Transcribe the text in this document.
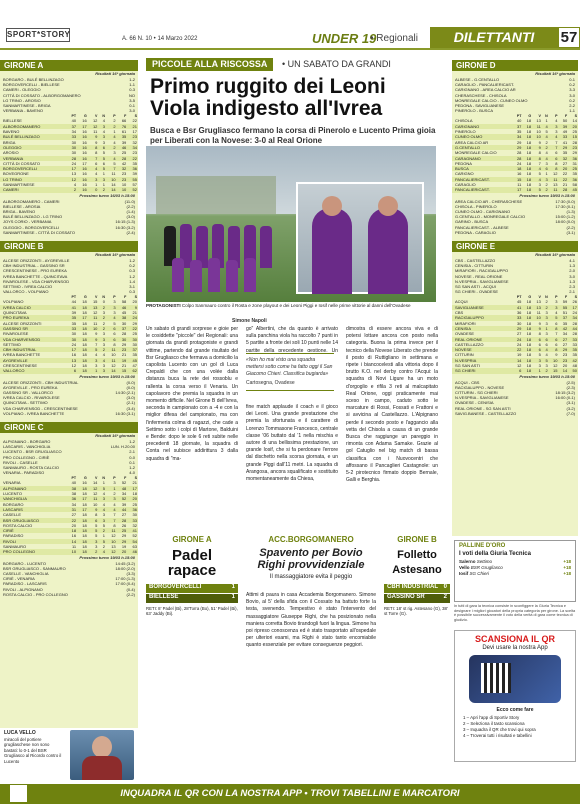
SPORT*STORY	A. 66 N. 10 • 14 Marzo 2022	UNDER 19
• Regionali	DILETTANTI	57
GIRONE A
Risultati 16ª giornata
BORGARO - BULÉ BELLINZAGO	1-2
BORGOVERCELLI - BIELLESE	1-1
CAMERI - OLEGGIO	0-3
CITTÀ DI COSSATO - ALBORGOMANERO	NO
LG TRINO - AROSIO	3-5
SANMARTINESE - BRIGA	0-1
VERBANIA - BAVENO	3-0
	PT	G	V	N	P	F	S
BIELLESE	40	16	12	4	2	66	22
ALBORGOMANERO	37	17	12	3	2	76	21
BAVENO	34	16	11	4	1	61	17
BULÉ BELLINZAGO	33	16	9	3	4	35	23
BRIGA	30	16	9	3	4	39	32
OLEGGIO	30	16	8	6	2	46	34
AROSIO	30	16	8	5	3	25	23
VERBANIA	28	16	7	5	4	28	22
CITTÀ DI COSSATO	24	17	6	6	5	42	35
BORGOVERCELLI	17	16	4	5	7	32	36
BOVEGRONE	13	16	4	1	11	23	39
LG TRINO	12	16	3	3	10	23	55
SANMARTINESE	4	16	1	1	14	10	57
CAMERI	2	16	0	2	14	10	52
Prossimo turno 16/03 h.15:00
ALBORGOMANERO - CAMERI	(11-0)
BIELLESE - AROSIA	(2-2)
BRIGA - BAVENO	(1-4)
BULÉ BELLINZAGO - LG TRINO	(3-0)
JOYS CORIO - VERBANIA	16:15 (1-3)
OLEGGIO - BORGOVERCELLI	16:30 (3-2)
SANMARTINESE - CITTÀ DI COSSATO	(2-4)
GIRONE B
Risultati 16ª giornata
ALCESE ORIZZONTI - AYGREVILLE	1-2
CBH INDUSTRIAL - GASSINO SR	0-2
CRESCENTINESE - PRO EUREKA	0-3
IVREA BANCHETTE - QUINCITAVA	1-2
RIVAROLESE - VDA CHARVENSOD	1-4
SETTIMO - IVREA CALCIO	3-1
VALLORCO - VOLPIANO	0-3
	PT	G	V	N	P	F	S
VOLPIANO	44	18	15	0	3	58	20
IVREA CALCIO	41	18	13	2	3	46	9
QUINCITAVA	39	18	12	3	3	45	21
PRO EUREKA	35	17	11	2	4	38	24
ALCESE ORIZZONTI	35	18	11	2	5	30	29
GASSINO SR	33	18	10	2	6	37	22
RIVAROLESE	30	18	9	3	6	28	25
VDA CHARVENSOD	30	18	9	3	6	30	30
SETTIMO	24	18	7	3	8	29	30
CBH INDUSTRIAL	17	18	5	2	11	23	37
IVREA BANCHETTE	16	18	4	4	10	21	35
AYGREVILLE	13	18	3	4	11	19	45
CRESCENTINESE	12	18	3	3	12	21	47
VALLORCO	6	18	1	3	14	15	62
Prossimo turno 19/03 h.15:00
ALCESE ORIZZONTI - CBH INDUSTRIAL	(0-0)
AYGREVILLE - PRO EUREKA	(0-0)
GASSINO SR - VALLORCO	14:30 (2-1)
IVREA CALCIO - RIVAROLESE	(3-0)
QUINCITAVA - SETTIMO	(2-1)
VDA CHARVENSOD - CRESCENTINESE	(3-4)
VOLPIANO - IVREA BANCHETTE	16:30 (3-1)
GIRONE C
Risultati 16ª giornata
ALPIGNANO - BORGARO	1-2
LASCARIS - VANCHIGLIA	LUN. H.20.00
LUCENTO - BSR GRUGLIASCO	2-1
PRO COLLEGNO - CIRIÈ	0-0
RIVOLI - CASELLE	0-1
SANMAURO - ROSTA CALCIO	1-2
VENARIA - PARADISO	4-0
	PT	G	V	N	P	F	S
VENARIA	40	16	14	1	3	52	21
ALPIGNANO	38	18	12	5	1	48	17
LUCENTO	38	18	12	4	2	34	18
VANCHIGLIA	36	17	11	3	3	52	20
BORGARO	34	18	10	4	4	39	25
LASCARIS	31	17	9	4	4	44	36
CASELLE	27	18	8	3	7	27	30
BSR GRUGLIASCO	22	18	6	3	7	28	33
ROSTA CALCIO	20	18	5	5	8	26	32
CIRIÈ	18	18	5	2	11	25	41
PARADISO	16	18	5	1	12	29	52
RIVOLI	14	18	3	5	10	29	54
SANMAURO	11	18	3	2	13	19	63
PRO COLLEGNO	10	18	2	4	12	20	46
Prossimo turno 19/03 h.15:00
BORGARO - LUCENTO	14:45 (3-2)
BSR GRUGLIASCO - SANMAURO	18:00 (2-0)
CASELLE - VANCHIGLIA	(3-3)
CIRIÈ - VENARIA	17:00 (1-3)
PARADISO - LASCARIS	17:00 (0-4)
RIVOLI - ALPIGNANO	(0-4)
ROSTA CALCIO - PRO COLLEGNO	(2-2)
LUCA VELLO
miracoli del portiere grugliaschese non sono bastati: lo 0-1 del BSR Grugliasco al Ricordo contro il Lucento
PICCOLE ALLA RISCOSSA	• UN SABATO DA GRANDI
Primo ruggito dei Leoni Viola indigesto all'Ivrea
Busca e Bsr Grugliasco fermano la corsa di Pinerolo e Lucento Prima gioia per Liberati con la Novese: 3-0 al Real Orione
PROTAGONISTI Colpo Sanmauro contro il Rosta e zone playout e dei Leoni Piggi e Iosif nelle prime vittorie al danni dell'Ovadese
Simone Napoli
Un sabato di grandi sorprese e gioie per le cosiddette "piccole" dei Regionali: una giornata da grandi protagoniste e grandi vittime, partendo dal grande risultato del Bsr Grugliasco che fermava a domicilio la capolista Lucento con un gol di Luca Crepaldi che con una volée dalla distanza buca la rete dei rossoblu e rallenta la corsa verso il Venaria. Un capolavoro che premia la squadra in un momento difficile. Nel Girone B dell'Ivrea, seconda in campionato con a -4 e con la miglior difesa del campionato, ma con l'infermeria colma di ragazzi, che cade a Settimo sotto i colpi di Martone, Balduini e Bende: dopo le sole 6 reti subite nelle precedenti 18 giornate, la squadra di Conta nel subisce addirittura 3 dalla squadra di "ma-
go" Albertini, che da quanto è arrivato sulla panchina viola ha raccolto 7 punti in 5 partite a fronte dei soli 10 punti nelle 14 partite della precedente gestione. Un
«Non ho mai visto una squadra mettersi sotto come ha fatto oggi il San Giacomo Chieri. Classifica bugiarda»
Cartosegna, Ovadese
fine match applaude il coach e il gioco dei Leoni. Una grande prestazione che premia la sfortunata e il carattere di Lorenzo Tommasone Francesco, centrale classe '06 buttato dal '1 nella mischia e autore di una bellissima prestazione, un grande Iosif, che si fa perdonare l'errore dal dischetto nella scorsa giornata, e un grande Piggi dall'11 metri. La squadra di Arangosa, ancora squalificato e sostituito momentaneamente da Chiesa,
dimostra di essere ancora viva e di potersi lottare ancora con posto nella categoria. Buona la prima invece per il tecnico della Novese Liberato che prende il posto di Ruttigliano in settimana e ripete i biancocelesti alla vittoria dopo il brutto K.O. nel derby contro l'Acqui: la squadra di Novi Ligure ha un moto d'orgoglio e rifila 3 reti al malcapitato Real Orione, oggi praticamente mai sceso in campo, caduto sotto le marcature di Rossi, Fossati e Frattoni e si avvicina al Castellazzo. L'Alpignano perde il secondo posto e l'aggancio alla vetta del Chisola a causa di un grande Busca che raggiunge un pareggio in rimonta con Adama Samake. Grazie al gol Catuglio nel big match di bassa classifica con i Nuovocentri che affossano il Pancaglieri Castagnole: un 5-2 pirotecnico firmato doppio Bernale, Galli e Berghia.
GIRONE A
Padel rapace
BORGOVERCELLI	1
BIELLESE	1
RETI: 8' Padel (Bi), 28'Torra (Bo), 51' Padel (Bi), 63' Jaddy (Bi).
ACC.BORGOMANERO
Spavento per Bovio Righi provvidenziale
Il massaggiatore evita il peggio
Attimi di paura in casa Accademia Borgomanero. Simone Bovio, al 5' della sfida con il Cossato ha battuto forte la testa, svenendo. Tempestivo è stato l'intervento del massaggiatore Giuseppe Righi, che ha posizionato nella maniera corretta Bovio tirandogli fuori la lingua. Simone ha poi ripreso conoscenza ed è stato trasportato all'ospedale per ulteriori esami, ma Righi è stato tanto encomiabile quanto essenziale per evitare conseguenze peggiori.
GIRONE B
Folletto Astesano
CBH INDUSTRIAL 0
GASSINO SR	2
RETI: 18' st rig. Astesano (G), 38' st Torre (G).
GIRONE D
Risultati 16ª giornata
ALBESE - G.CENTALLO	0-1
CARAGLIO - PANCALIERICAST.	0-2
CARIGNANO - AREA CALCIO AR	3-3
CHERASCHESE - CHISOLA	3-0
MONREGALE CALCIO - CUNEO OLMO	0-2
PEDONA - SAVIGLIANESE	2-2
PINEROLO - BUSCA	1-1
	PT	G	V	N	P	F	S
CHISOLA	40	18	13	1	4	50	14
CARIGNANO	37	18	11	4	3	39	20
PINEROLO	35	18	10	5	3	49	25
CUNEO OLMO	34	18	10	4	4	33	15
AREA CALCIO AR	29	18	9	2	7	41	28
G.CENTALLO	29	18	9	2	7	29	23
MONREGALE CALCIO	28	18	8	4	6	35	29
CARAGNANO	28	18	8	4	6	32	36
PEDONA	24	18	7	3	8	27	31
BUSCA	18	18	4	6	8	20	25
CARIGNO	16	18	5	1	12	22	35
PANCALIERICAST.	15	18	4	3	11	22	36
CARAGLIO	11	18	3	2	13	21	58
PANCALIERICAST.	17	18	5	2	11	28	45
Prossimo turno 19/03 h.15:00
AREA CALCIO AR - CHERASCHESE	17:30 (0-0)
CHISOLA - PINEROLO	17:30 (0-1)
CUNEO OLMO - CARIGNANO	(1-3)
G.CENTALLO - MONREGALE CALCIO	15:00 (1-2)
GARINO - BUSCA	18:00 (0-0)
PANCALIERICAST. - ALBESE	(2-2)
PEDONA - CARAGLIO	(3-1)
GIRONE E
Risultati 16ª giornata
CBS - CASTELLAZZO	4-1
CENISIA - CITTURIN	1-3
MIRAFIORI - RACIGALUPPO	2-0
NOVESE - REAL ORIONE	3-0
N.VESPRIA - SAVIGLIANESE	1-3
SG SAN ASTI - ACQUI	2-3
SG CHIERI - OVADESE	2-1
	PT	G	V	N	P	F	S
ACQUI	45	18	13	2	3	59	26
SAVIGLIANESE	41	18	13	2	3	55	17
CBS	36	18	11	3	4	51	24
RACIGALUPPO	33	18	10	3	5	37	34
MIRAFIORI	30	18	9	3	6	35	28
CENISIA	29	18	9	1	8	42	44
OVADESE	27	18	8	3	7	34	28
REAL ORIONE	24	18	6	6	6	27	33
CASTELLAZZO	24	18	6	6	6	27	33
NOVESE	22	18	6	4	8	29	35
CITTURIN	19	18	5	4	9	23	35
N.VESPRIA	14	18	3	5	10	23	42
SG SAN ASTI	12	18	3	3	12	20	48
SG CHIERI	6	18	1	2	15	14	50
Prossimo turno 19/03 h.15:00
ACQUI - CBS	(2-5)
RACIGALUPPO - NOVESE	(2-3)
CITTURIN - SG CHIERI	18:15 (3-2)
N.VESPRIA - SAVIGLIANESE	16:00 (0-1)
OVADESE - CENISIA	(3-1)
REAL ORIONE - SG SAN ASTI	(3-2)
SAVIG.BANESE - CASTELLAZZO	(7-0)
PALLINE D'ORO
I voti della Giuria Tecnica
Salerno Settimo	+18
Vello BSR Grugliasco	+18
Iosif SG Chieri	+18
In tutti di gara la tecnica consiste in sconfiggere la Giuria Tecnica e designare i migliori giocatori della propria categoria per girone. La scelta è possibile successivamente il voto della verità di gara come tecnica di giudizio.
SCANSIONA IL QR
Devi usare la nostra App
Ecco come fare
1 – Apri l'app di Sportiv Story
2 – Seleziona il tasto scansiona
3 – Inquadra il QR che trovi qui sopra
4 – Troverai tutti i risultati e tabellini
INQUADRA IL QR CON LA NOSTRA APP • TROVI TABELLINI E MARCATORI
